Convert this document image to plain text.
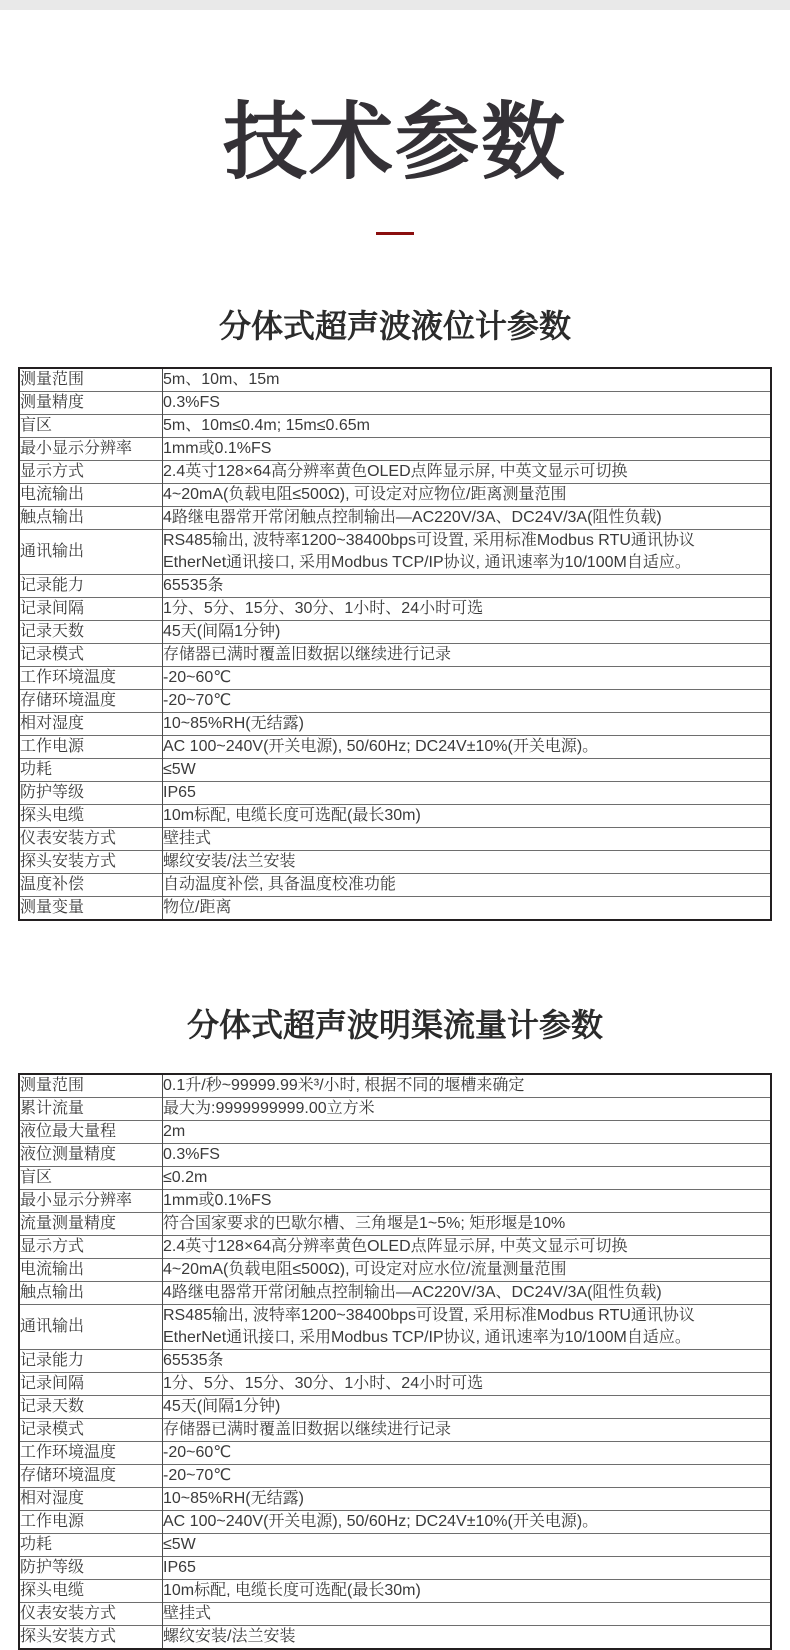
技术参数
分体式超声波液位计参数
测量范围	5m、10m、15m

测量精度	0.3%FS

盲区	5m、10m≤0.4m; 15m≤0.65m

最小显示分辨率	1mm或0.1%FS

显示方式	2.4英寸128×64高分辨率黄色OLED点阵显示屏, 中英文显示可切换

电流输出	4~20mA(负载电阻≤500Ω), 可设定对应物位/距离测量范围

触点输出	4路继电器常开常闭触点控制输出—AC220V/3A、DC24V/3A(阻性负载)

通讯输出	RS485输出, 波特率1200~38400bps可设置, 采用标准Modbus RTU通讯协议
EtherNet通讯接口, 采用Modbus TCP/IP协议, 通讯速率为10/100M自适应。

记录能力	65535条

记录间隔	1分、5分、15分、30分、1小时、24小时可选

记录天数	45天(间隔1分钟)

记录模式	存储器已满时覆盖旧数据以继续进行记录

工作环境温度	-20~60℃

存储环境温度	-20~70℃

相对湿度	10~85%RH(无结露)

工作电源	AC 100~240V(开关电源), 50/60Hz; DC24V±10%(开关电源)。

功耗	≤5W

防护等级	IP65

探头电缆	10m标配, 电缆长度可选配(最长30m)

仪表安装方式	壁挂式

探头安装方式	螺纹安装/法兰安装

温度补偿	自动温度补偿, 具备温度校准功能

测量变量	物位/距离
分体式超声波明渠流量计参数
测量范围	0.1升/秒~99999.99米³/小时, 根据不同的堰槽来确定

累计流量	最大为:9999999999.00立方米

液位最大量程	2m

液位测量精度	0.3%FS

盲区	≤0.2m

最小显示分辨率	1mm或0.1%FS

流量测量精度	符合国家要求的巴歇尔槽、三角堰是1~5%; 矩形堰是10%

显示方式	2.4英寸128×64高分辨率黄色OLED点阵显示屏, 中英文显示可切换

电流输出	4~20mA(负载电阻≤500Ω), 可设定对应水位/流量测量范围

触点输出	4路继电器常开常闭触点控制输出—AC220V/3A、DC24V/3A(阻性负载)

通讯输出	RS485输出, 波特率1200~38400bps可设置, 采用标准Modbus RTU通讯协议
EtherNet通讯接口, 采用Modbus TCP/IP协议, 通讯速率为10/100M自适应。

记录能力	65535条

记录间隔	1分、5分、15分、30分、1小时、24小时可选

记录天数	45天(间隔1分钟)

记录模式	存储器已满时覆盖旧数据以继续进行记录

工作环境温度	-20~60℃

存储环境温度	-20~70℃

相对湿度	10~85%RH(无结露)

工作电源	AC 100~240V(开关电源), 50/60Hz; DC24V±10%(开关电源)。

功耗	≤5W

防护等级	IP65

探头电缆	10m标配, 电缆长度可选配(最长30m)

仪表安装方式	壁挂式

探头安装方式	螺纹安装/法兰安装
